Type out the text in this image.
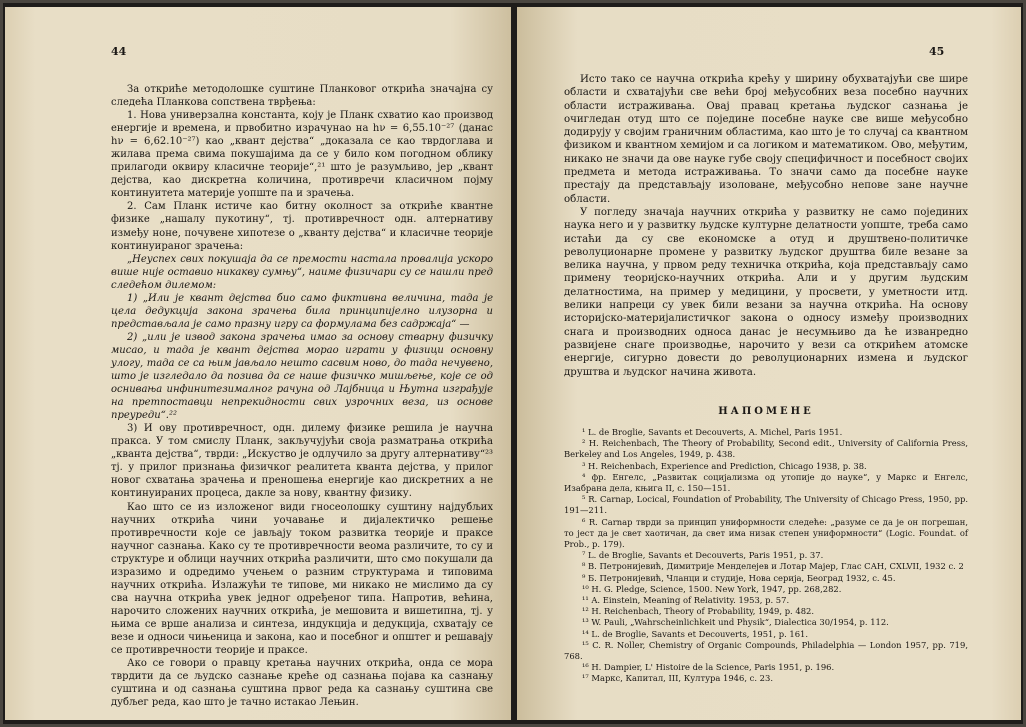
44

За откриће методолошке суштине Планковог открића значајна су следећа Планкова сопствена тврђења:

1. Нова универзална константа, коју је Планк схватио као производ енергије и времена, и првобитно израчунао на hν = 6,55.10⁻²⁷ (данас hν = 6,62.10⁻²⁷) као „квант дејства“ „доказала се као тврдоглава и жилава према свима покушајима да се у било ком погодном облику прилагоди оквиру класичне теорије“,²¹ што је разумљиво, јер „квант дејства, као дискретна количина, противречи класичном појму континуитета материје уопште па и зрачења.

2. Сам Планк истиче као битну околност за откриће квантне физике „нашалу пукотину“, тј. противречност одн. алтернативу између ноне, почувене хипотезе о „кванту дејства“ и класичне теорије континуираног зрачења:

„Неуспех свих покушаја да се премости настала провалија ускоро више није оставио никакву сумњу“, наиме физичари су се нашли пред следећом дилемом:

1) „Или је квант дејства био само фиктивна величина, тада је цела дедукција закона зрачења била принципијелно илузорна и представљала је само празну игру са формулама без садржаја“ —

2) „или је извод закона зрачења имао за основу стварну физичку мисао, и тада је квант дејства морао играти у физици основну улогу, тада се са њим јављало нешто сасвим ново, до тада нечувено, што је изгледало да позива да се наше физичко мишљење, које се од оснивања инфинитезималног рачуна од Лајбница и Њутна изграђује на претпоставци непрекидности свих узрочних веза, из основе преуреди“.²²

3) И ову противречност, одн. дилему физике решила је научна пракса. У том смислу Планк, закључујући своја разматрања открића „кванта дејства“, тврди: „Искуство је одлучило за другу алтернативу“²³ тј. у прилог признања физичког реалитета кванта дејства, у прилог новог схватања зрачења и преношења енергије као дискретних а не континуираних процеса, дакле за нову, квантну физику.

Као што се из изложеног види гносеолошку суштину најдубљих научних открића чини уочавање и дијалектичко решење противречности које се јављају током развитка теорије и праксе научног сазнања. Како су те противречности веома различите, то су и структуре и облици научних открића различити, што смо покушали да изразимо и одредимо учењем о разним структурама и типовима научних открића. Излажући те типове, ми никако не мислимо да су сва научна открића увек једног одређеног типа. Напротив, већина, нарочито сложених научних открића, је мешовита и вишетипна, тј. у њима се врше анализа и синтеза, индукција и дедукција, схватају се везе и односи чињеница и закона, као и посебног и општег и решавају се противречности теорије и праксе.

Ако се говори о правцу кретања научних открића, онда се мора тврдити да се људско сазнање креће од сазнања појава ка сазнању суштина и од сазнања суштина првог реда ка сазнању суштина све дубљег реда, као што је тачно истакао Лењин.

45

Исто тако се научна открића крећу у ширину обухватајући све шире области и схватајући све већи број међусобних веза посебно научних области истраживања. Овај правац кретања људског сазнања је очигледан отуд што се поједине посебне науке све више међусобно додирују у својим граничним областима, као што је то случај са квантном физиком и квантном хемијом и са логиком и математиком. Ово, међутим, никако не значи да ове науке губе своју специфичност и посебност својих предмета и метода истраживања. То значи само да посебне науке престају да представљају изоловане, међусобно непове зане научне области.

У погледу значаја научних открића у развитку не само појединих наука него и у развитку људске културне делатности уопште, треба само истаћи да су све економске а отуд и друштвено-политичке револуционарне промене у развитку људског друштва биле везане за велика научна, у првом реду техничка открића, која представљају само примену теоријско-научних открића. Али и у другим људским делатностима, на пример у медицини, у просвети, у уметности итд. велики напреци су увек били везани за научна открића. На основу историјско-материјалистичког закона о односу између производних снага и производних односа данас је несумњиво да ће изванредно развијене снаге производње, нарочито у вези са открићем атомске енергије, сигурно довести до револуционарних измена и људског друштва и људског начина живота.

НАПОМЕНЕ

¹ L. de Broglie, Savants et Decouverts, A. Michel, Paris 1951.

² H. Reichenbach, The Theory of Probability, Second edit., University of California Press, Berkeley and Los Angeles, 1949, p. 438.

³ H. Reichenbach, Experience and Prediction, Chicago 1938, p. 38.

⁴ фр. Енгелс, „Развитак социјализма од утопије до науке“, у Маркс и Енгелс, Изабрана дела, књига II, с. 150—151.

⁵ R. Carnap, Locical, Foundation of Probability, The University of Chicago Press, 1950, pp. 191—211.

⁶ R. Carnap тврди за принцип униформности следеће: „разуме се да је он погрешан, то јест да је свет хаотичан, да свет има низак степен униформности“ (Logic. Foundat. of Prob., p. 179).

⁷ L. de Broglie, Savants et Decouverts, Paris 1951, p. 37.

⁸ В. Петронијевић, Димитрије Менделејев и Лотар Мајер, Глас САН, CXLVII, 1932 с. 2

⁹ Б. Петронијевић, Чланци и студије, Нова серија, Београд 1932, с. 45.

¹⁰ H. G. Pledge, Science, 1500. New York, 1947, pp. 268,282.

¹¹ A. Einstein, Meaning of Relativity. 1953, p. 57.

¹² H. Reichenbach, Theory of Probability, 1949, p. 482.

¹³ W. Pauli, „Wahrscheinlichkeit und Physik“, Dialectica 30/1954, p. 112.

¹⁴ L. de Broglie, Savants et Decouverts, 1951, p. 161.

¹⁵ C. R. Noller, Chemistry of Organic Compounds, Philadelphia — London 1957, pp. 719, 768.

¹⁶ H. Dampier, L' Histoire de la Science, Paris 1951, p. 196.

¹⁷ Маркс, Капитал, III, Култура 1946, с. 23.
